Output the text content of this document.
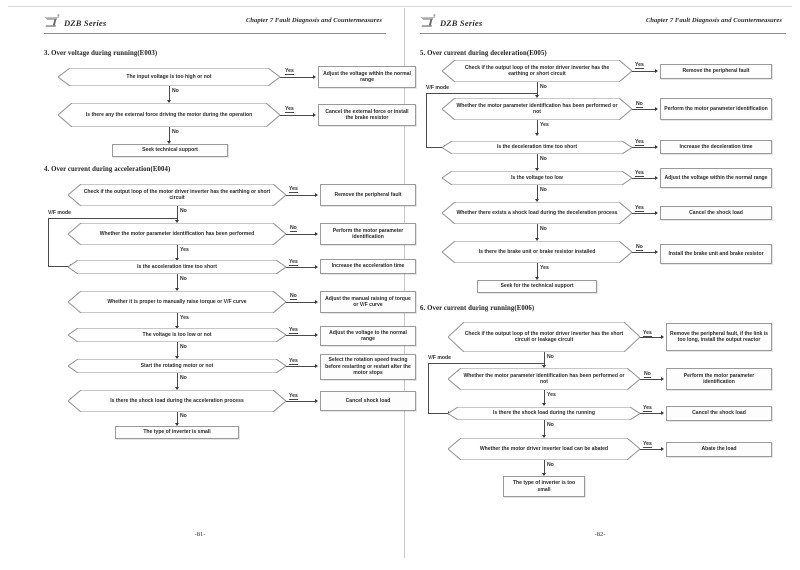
®
DZB Series	Chapter 7 Fault Diagnosis and Countermeasures
3. Over voltage during running(E003)
The input voltage is too high or not
Yes	Adjust the voltage within the normal range
No
Is there any the external force driving the motor during the operation
Yes	Cancel the external force or install the brake resistor
No
Seek technical support
4. Over current during acceleration(E004)
Check if the output loop of the motor driver inverter has the earthing or short circuit
Yes
Remove the peripheral fault
No
V/F mode
Whether the motor parameter identification has been performed
No	Perform the motor parameter identification
Yes
Is the acceleration time too short
Yes
Increase the acceleration time
No
Whether it is proper to manually raise torque or V/F curve
No	Adjust the manual raising of torque or V/F curve
Yes
The voltage is too low or not
Yes	Adjust the voltage to the normal range
No
Start the rotating motor or not
Yes	Select the rotation speed tracing before restarting or restart after the motor stops
No
Is there the shock load during the acceleration process
Yes
Cancel shock load
No
The type of inverter is small
-81-
®
DZB Series	Chapter 7 Fault Diagnosis and Countermeasures
5. Over current during deceleration(E005)
Check if the output loop of the motor driver inverter has the earthing or short circuit
Yes
Remove the peripheral fault
No
V/F mode
Whether the motor parameter identification has been performed or not
No
Perform the motor parameter identification
Yes
Is the deceleration time too short
Yes
Increase the deceleration time
No
Is the voltage too low
Yes
Adjust the voltage within the normal range
No
Whether there exists a shock load during the deceleration process
Yes
Cancel the shock load
No
Is there the brake unit or brake resistor installed
No
Install the brake unit and brake resistor
Yes
Seek for the technical support
6. Over current during running(E006)
Check if the output loop of the motor driver inverter has the short circuit or leakage circuit
Yes	Remove the peripheral fault, if the link is too long, install the output reactor
No
V/F mode
Whether the motor parameter identification has been performed or not
No	Perform the motor parameter identification
Yes
Is there the shock load during the running
Yes
Cancel the shock load
No
Whether the motor driver inverter load can be abated
Yes
Abate the load
No
The type of inverter is too small
-82-
